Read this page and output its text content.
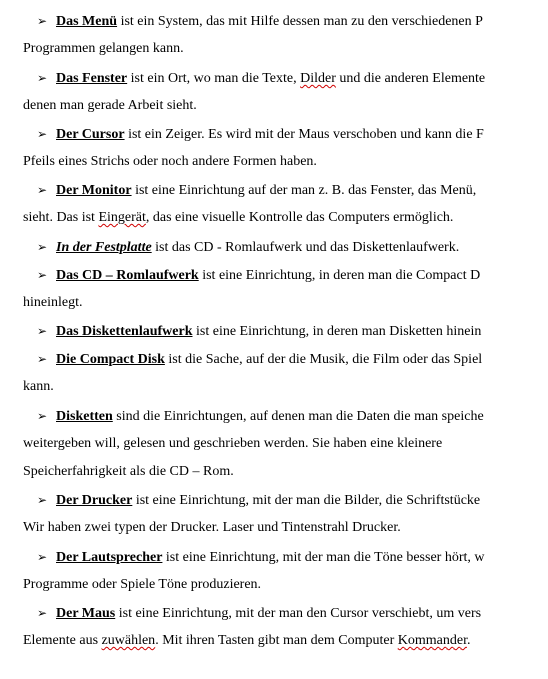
➢ Das Menü ist ein System, das mit Hilfe dessen man zu den verschiedenen P
Programmen gelangen kann.
➢ Das Fenster ist ein Ort, wo man die Texte, Dilder und die anderen Elemente
denen man gerade Arbeit sieht.
➢ Der Cursor ist ein Zeiger. Es wird mit der Maus verschoben und kann die F
Pfeils eines Strichs oder noch andere Formen haben.
➢ Der Monitor ist eine Einrichtung auf der man z. B. das Fenster, das Menü,
sieht. Das ist Eingerät, das eine visuelle Kontrolle das Computers ermöglich.
➢ In der Festplatte ist das CD - Romlaufwerk und das Diskettenlaufwerk.
➢ Das CD – Romlaufwerk ist eine Einrichtung, in deren man die Compact D
hineinlegt.
➢ Das Diskettenlaufwerk ist eine Einrichtung, in deren man Disketten hinein
➢ Die Compact Disk ist die Sache, auf der die Musik, die Film oder das Spiel
kann.
➢ Disketten sind die Einrichtungen, auf denen man die Daten die man speiche
weitergeben will, gelesen und geschrieben werden. Sie haben eine kleinere
Speicherfahrigkeit als die CD – Rom.
➢ Der Drucker ist eine Einrichtung, mit der man die Bilder, die Schriftstücke
Wir haben zwei typen der Drucker. Laser und Tintenstrahl Drucker.
➢ Der Lautsprecher ist eine Einrichtung, mit der man die Töne besser hört, w
Programme oder Spiele Töne produzieren.
➢ Der Maus ist eine Einrichtung, mit der man den Cursor verschiebt, um vers
Elemente aus zuwählen. Mit ihren Tasten gibt man dem Computer Kommander.
